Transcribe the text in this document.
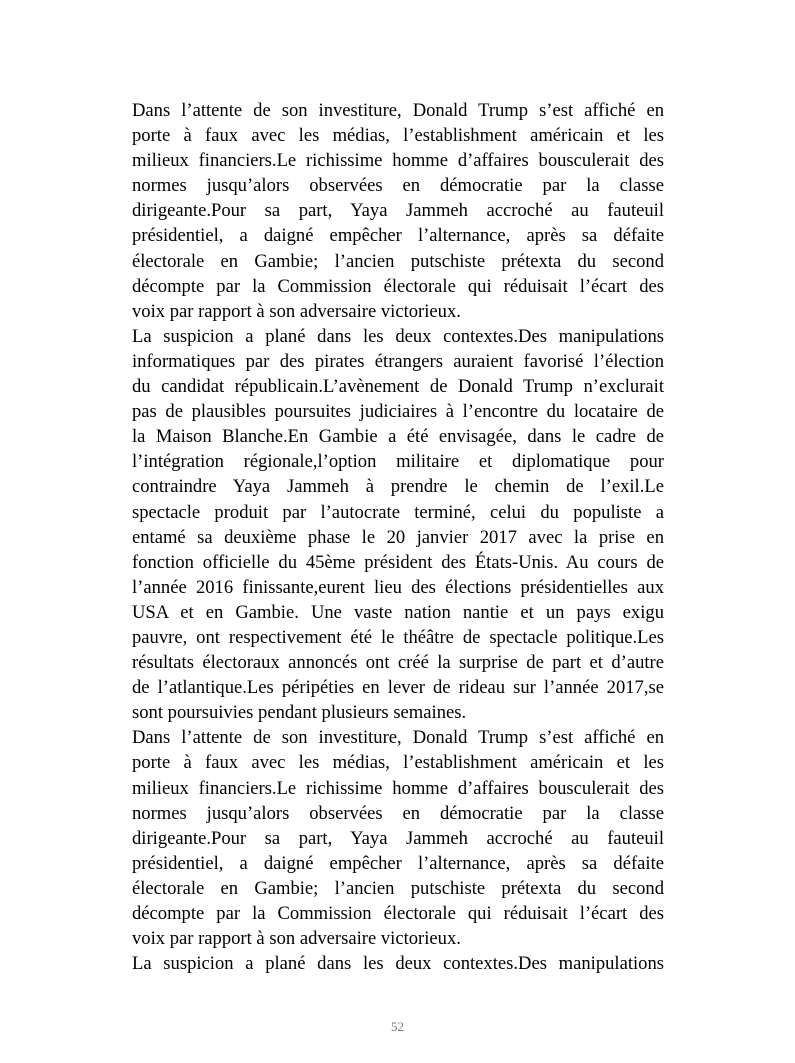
Dans l’attente de son investiture, Donald Trump s’est affiché en
porte à faux avec les médias, l’establishment américain et les
milieux financiers.Le richissime homme d’affaires bousculerait des
normes jusqu’alors observées en démocratie par la classe
dirigeante.Pour sa part, Yaya Jammeh accroché au fauteuil
présidentiel, a daigné empêcher l’alternance, après sa défaite
électorale en Gambie; l’ancien putschiste prétexta du second
décompte par la Commission électorale qui réduisait l’écart des
voix par rapport à son adversaire victorieux.
La suspicion a plané dans les deux contextes.Des manipulations
informatiques par des pirates étrangers auraient favorisé l’élection
du candidat républicain.L’avènement de Donald Trump n’exclurait
pas de plausibles poursuites judiciaires à l’encontre du locataire de
la Maison Blanche.En Gambie a été envisagée, dans le cadre de
l’intégration régionale,l’option militaire et diplomatique pour
contraindre Yaya Jammeh à prendre le chemin de l’exil.Le
spectacle produit par l’autocrate terminé, celui du populiste a
entamé sa deuxième phase le 20 janvier 2017 avec la prise en
fonction officielle du 45ème président des États-Unis. Au cours de
l’année 2016 finissante,eurent lieu des élections présidentielles aux
USA et en Gambie. Une vaste nation nantie et un pays exigu
pauvre, ont respectivement été le théâtre de spectacle politique.Les
résultats électoraux annoncés ont créé la surprise de part et d’autre
de l’atlantique.Les péripéties en lever de rideau sur l’année 2017,se
sont poursuivies pendant plusieurs semaines.
Dans l’attente de son investiture, Donald Trump s’est affiché en
porte à faux avec les médias, l’establishment américain et les
milieux financiers.Le richissime homme d’affaires bousculerait des
normes jusqu’alors observées en démocratie par la classe
dirigeante.Pour sa part, Yaya Jammeh accroché au fauteuil
présidentiel, a daigné empêcher l’alternance, après sa défaite
électorale en Gambie; l’ancien putschiste prétexta du second
décompte par la Commission électorale qui réduisait l’écart des
voix par rapport à son adversaire victorieux.
La suspicion a plané dans les deux contextes.Des manipulations
52
